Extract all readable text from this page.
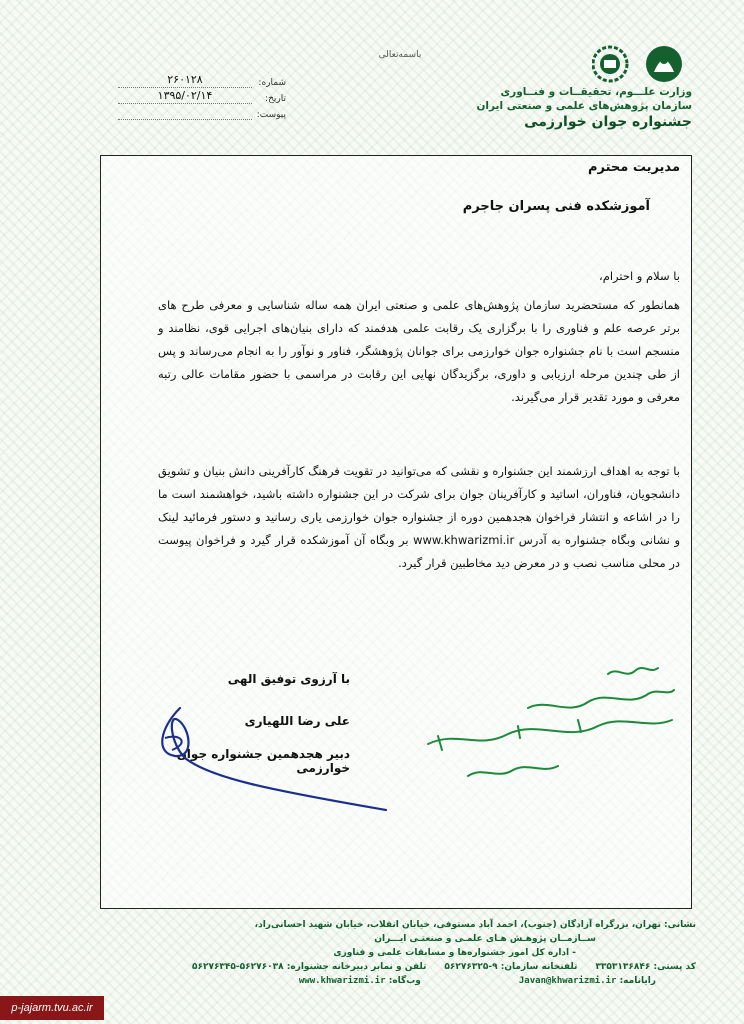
باسمه‌تعالی
شماره:
۲۶۰۱۲۸
تاریخ:
۱۳۹۵/۰۲/۱۴
پیوست:
وزارت علـــوم، تحقیقــات و فنــاوری
سازمان پژوهش‌های علمی و صنعتی ایران
جشنواره جوان خوارزمی
مدیریت محترم
آموزشکده فنی پسران جاجرم
با سلام و احترام،
همانطور که مستحضرید سازمان پژوهش‌های علمی و صنعتی ایران همه ساله شناسایی و معرفی طرح های برتر عرصه علم و فناوری را با برگزاری یک رقابت علمی هدفمند که دارای بنیان‌های اجرایی قوی، نظامند و منسجم است با نام جشنواره جوان خوارزمی برای جوانان پژوهشگر، فناور و نوآور را به انجام می‌رساند و پس از طی چندین مرحله ارزیابی و داوری، برگزیدگان نهایی این رقابت در مراسمی با حضور مقامات عالی رتبه معرفی و مورد تقدیر قرار می‌گیرند.
با توجه به اهداف ارزشمند این جشنواره و نقشی که می‌توانید در تقویت فرهنگ کارآفرینی دانش بنیان و تشویق دانشجویان، فناوران، اساتید و کارآفرینان جوان برای شرکت در این جشنواره داشته باشید، خواهشمند است ما را در اشاعه و انتشار فراخوان هجدهمین دوره از جشنواره جوان خوارزمی یاری رسانید و دستور فرمائید لینک و نشانی وبگاه جشنواره به آدرس www.khwarizmi.ir بر وبگاه آن آموزشکده قرار گیرد و فراخوان پیوست در محلی مناسب نصب و در معرض دید مخاطبین قرار گیرد.
با آرزوی توفیق الهی
علی رضا اللهیاری
دبیر هجدهمین جشنواره جوان خوارزمی
نشانی: تهران، بزرگراه آزادگان (جنوب)، احمد آباد مستوفی، خیابان انقلاب، خیابان شهید احسانی‌راد،
ســازمــان پژوهـش هـای علمـی و صنعتـی ایـــران
- اداره کل امور جشنواره‌ها و مسابقات علمی و فناوری
کد پستی: ۳۳۵۳۱۳۶۸۴۶
تلفنخانه سازمان: ۹-۵۶۲۷۶۳۲۵
تلفن و نمابر دبیرخانه جشنواره: ۵۶۲۷۶۰۳۸-۵۶۲۷۶۳۴۵
رایانامه: Javan@khwarizmi.ir
وب‌گاه: www.khwarizmi.ir
p-jajarm.tvu.ac.ir
